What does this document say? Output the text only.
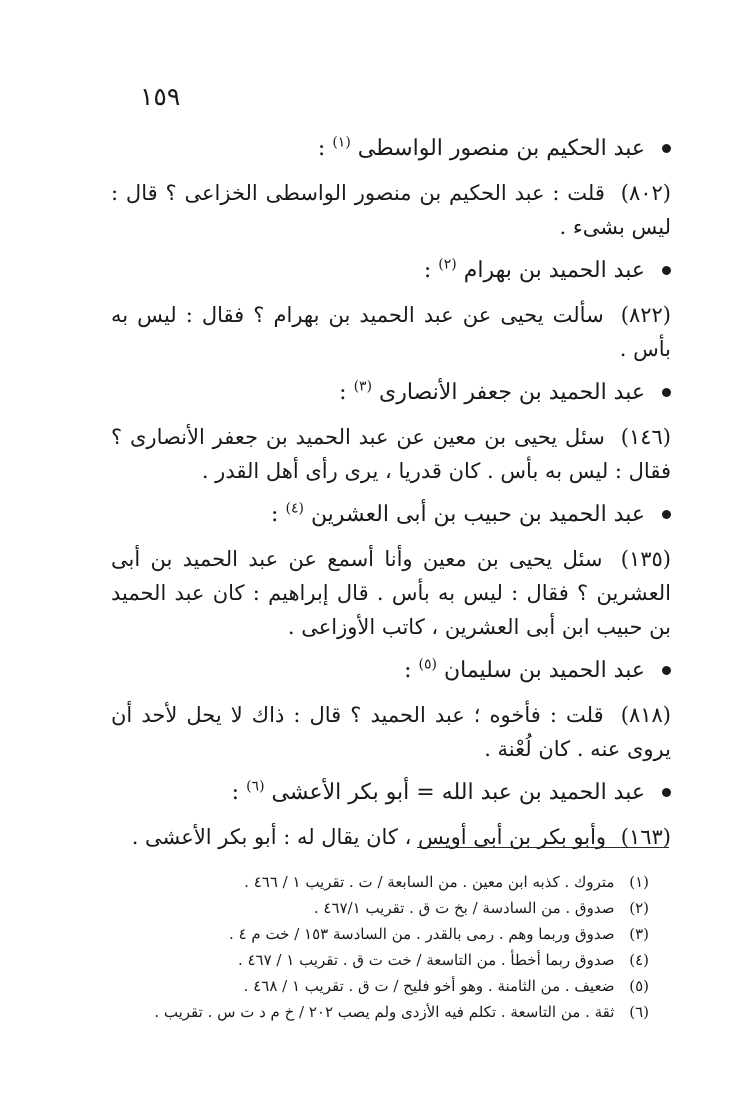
١٥٩
عبد الحكيم بن منصور الواسطى $^{(١)}$ :

(٨٠٢) قلت : عبد الحكيم بن منصور الواسطى الخزاعى ؟ قال : ليس بشىء .

عبد الحميد بن بهرام $^{(٢)}$ :

(٨٢٢) سألت يحيى عن عبد الحميد بن بهرام ؟ فقال : ليس به بأس .

عبد الحميد بن جعفر الأنصارى $^{(٣)}$ :

(١٤٦) سئل يحيى بن معين عن عبد الحميد بن جعفر الأنصارى ؟ فقال : ليس به بأس . كان قدريا ، يرى رأى أهل القدر .

عبد الحميد بن حبيب بن أبى العشرين $^{(٤)}$ :

(١٣٥) سئل يحيى بن معين وأنا أسمع عن عبد الحميد بن أبى العشرين ؟ فقال : ليس به بأس . قال إبراهيم : كان عبد الحميد بن حبيب ابن أبى العشرين ، كاتب الأوزاعى .

عبد الحميد بن سليمان $^{(٥)}$ :

(٨١٨) قلت : فأخوه ؛ عبد الحميد ؟ قال : ذاك لا يحل لأحد أن يروى عنه . كان لُعْنة .

عبد الحميد بن عبد الله = أبو بكر الأعشى $^{(٦)}$ :

(١٦٣) وأبو بكر بن أبى أويس ، كان يقال له : أبو بكر الأعشى .

(١) متروك . كذبه ابن معين . من السابعة / ت . تقريب ١ / ٤٦٦ .
(٢) صدوق . من السادسة / بخ ت ق . تقريب ٤٦٧/١ .
(٣) صدوق وربما وهم . رمى بالقدر . من السادسة ١٥٣ / خت م ٤ .
(٤) صدوق ربما أخطأ . من التاسعة / خت ت ق . تقريب ١ / ٤٦٧ .
(٥) ضعيف . من الثامنة . وهو أخو فليح / ت ق . تقريب ١ / ٤٦٨ .
(٦) ثقة . من التاسعة . تكلم فيه الأزدى ولم يصب ٢٠٢ / خ م د ت س . تقريب .
